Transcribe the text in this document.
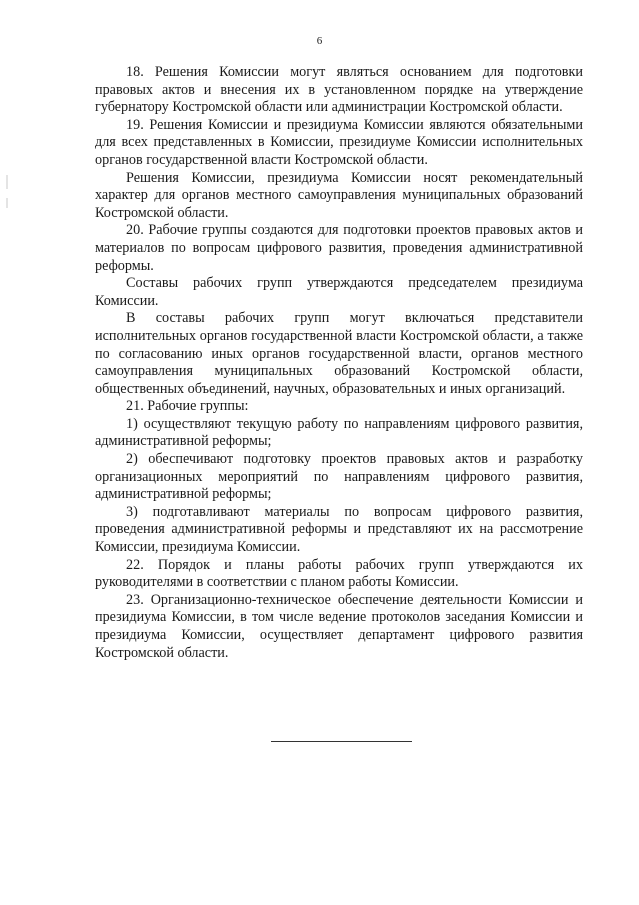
6

18. Решения Комиссии могут являться основанием для подготовки правовых актов и внесения их в установленном порядке на утверждение губернатору Костромской области или администрации Костромской области.

19. Решения Комиссии и президиума Комиссии являются обязательными для всех представленных в Комиссии, президиуме Комиссии исполнительных органов государственной власти Костромской области.

Решения Комиссии, президиума Комиссии носят рекомендательный характер для органов местного самоуправления муниципальных образований Костромской области.

20. Рабочие группы создаются для подготовки проектов правовых актов и материалов по вопросам цифрового развития, проведения административной реформы.

Составы рабочих групп утверждаются председателем президиума Комиссии.

В составы рабочих групп могут включаться представители исполнительных органов государственной власти Костромской области, а также по согласованию иных органов государственной власти, органов местного самоуправления муниципальных образований Костромской области, общественных объединений, научных, образовательных и иных организаций.

21. Рабочие группы:

1) осуществляют текущую работу по направлениям цифрового развития, административной реформы;

2) обеспечивают подготовку проектов правовых актов и разработку организационных мероприятий по направлениям цифрового развития, административной реформы;

3) подготавливают материалы по вопросам цифрового развития, проведения административной реформы и представляют их на рассмотрение Комиссии, президиума Комиссии.

22. Порядок и планы работы рабочих групп утверждаются их руководителями в соответствии с планом работы Комиссии.

23. Организационно-техническое обеспечение деятельности Комиссии и президиума Комиссии, в том числе ведение протоколов заседания Комиссии и президиума Комиссии, осуществляет департамент цифрового развития Костромской области.
